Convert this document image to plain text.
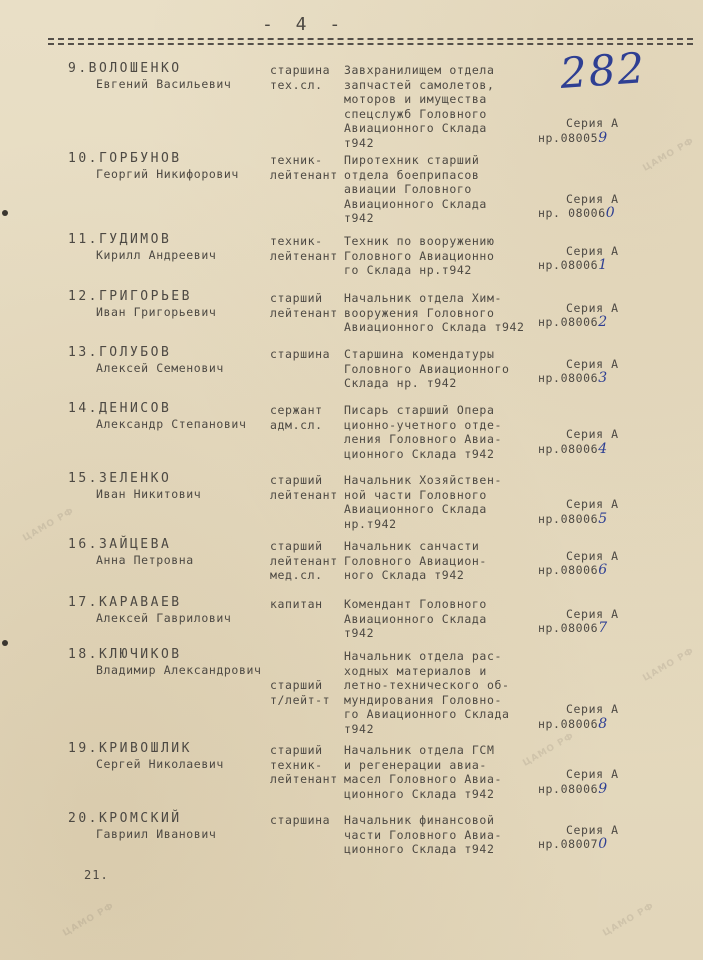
- 4 -
282
9.ВОЛОШЕНКО
Евгений Васильевич
старшина
тех.сл.
Завхранилищем отдела
запчастей самолетов,
моторов и имущества
спецслужб Головного
Авиационного Склада
т942
Серия А
нр.080059
10.ГОРБУНОВ
Георгий Никифорович
техник-
лейтенант
Пиротехник старший
отдела боеприпасов
авиации Головного
Авиационного Склада
т942
Серия А
нр. 080060
11.ГУДИМОВ
Кирилл Андреевич
техник-
лейтенант
Техник по вооружению
Головного Авиационно
го Склада нр.т942
Серия А
нр.080061
12.ГРИГОРЬЕВ
Иван Григорьевич
старший
лейтенант
Начальник отдела Хим-
вооружения Головного
Авиационного Склада т942
Серия А
нр.080062
13.ГОЛУБОВ
Алексей Семенович
старшина Старшина комендатуры
Головного Авиационного
Склада нр. т942
Серия А
нр.080063
14.ДЕНИСОВ
Александр Степанович
сержант
адм.сл.
Писарь старший Опера
ционно-учетного отде-
ления Головного Авиа-
ционного Склада т942
Серия А
нр.080064
15.ЗЕЛЕНКО
Иван Никитович
старший
лейтенант
Начальник Хозяйствен-
ной части Головного
Авиационного Склада
нр.т942
Серия А
нр.080065
16.ЗАЙЦЕВА
Анна Петровна
старший
лейтенант
мед.сл.
Начальник санчасти
Головного Авиацион-
ного Склада т942
Серия А
нр.080066
17.КАРАВАЕВ
Алексей Гаврилович
капитан Комендант Головного
Авиационного Склада
т942
Серия А
нр.080067
18.КЛЮЧИКОВ
Владимир Александрович
старший
т/лейт-т
Начальник отдела рас-
ходных материалов и
летно-технического об-
мундирования Головно-
го Авиационного Склада
т942
Серия А
нр.080068
19.КРИВОШЛИК
Сергей Николаевич
старший
техник-
лейтенант
Начальник отдела ГСМ
и регенерации авиа-
масел Головного Авиа-
ционного Склада т942
Серия А
нр.080069
20.КРОМСКИЙ
Гавриил Иванович
старшина Начальник финансовой
части Головного Авиа-
ционного Склада т942
Серия А
нр.080070
21.
ЦАМО РФ
ЦАМО РФ
ЦАМО РФ
ЦАМО РФ
ЦАМО РФ	ЦАМО РФ
